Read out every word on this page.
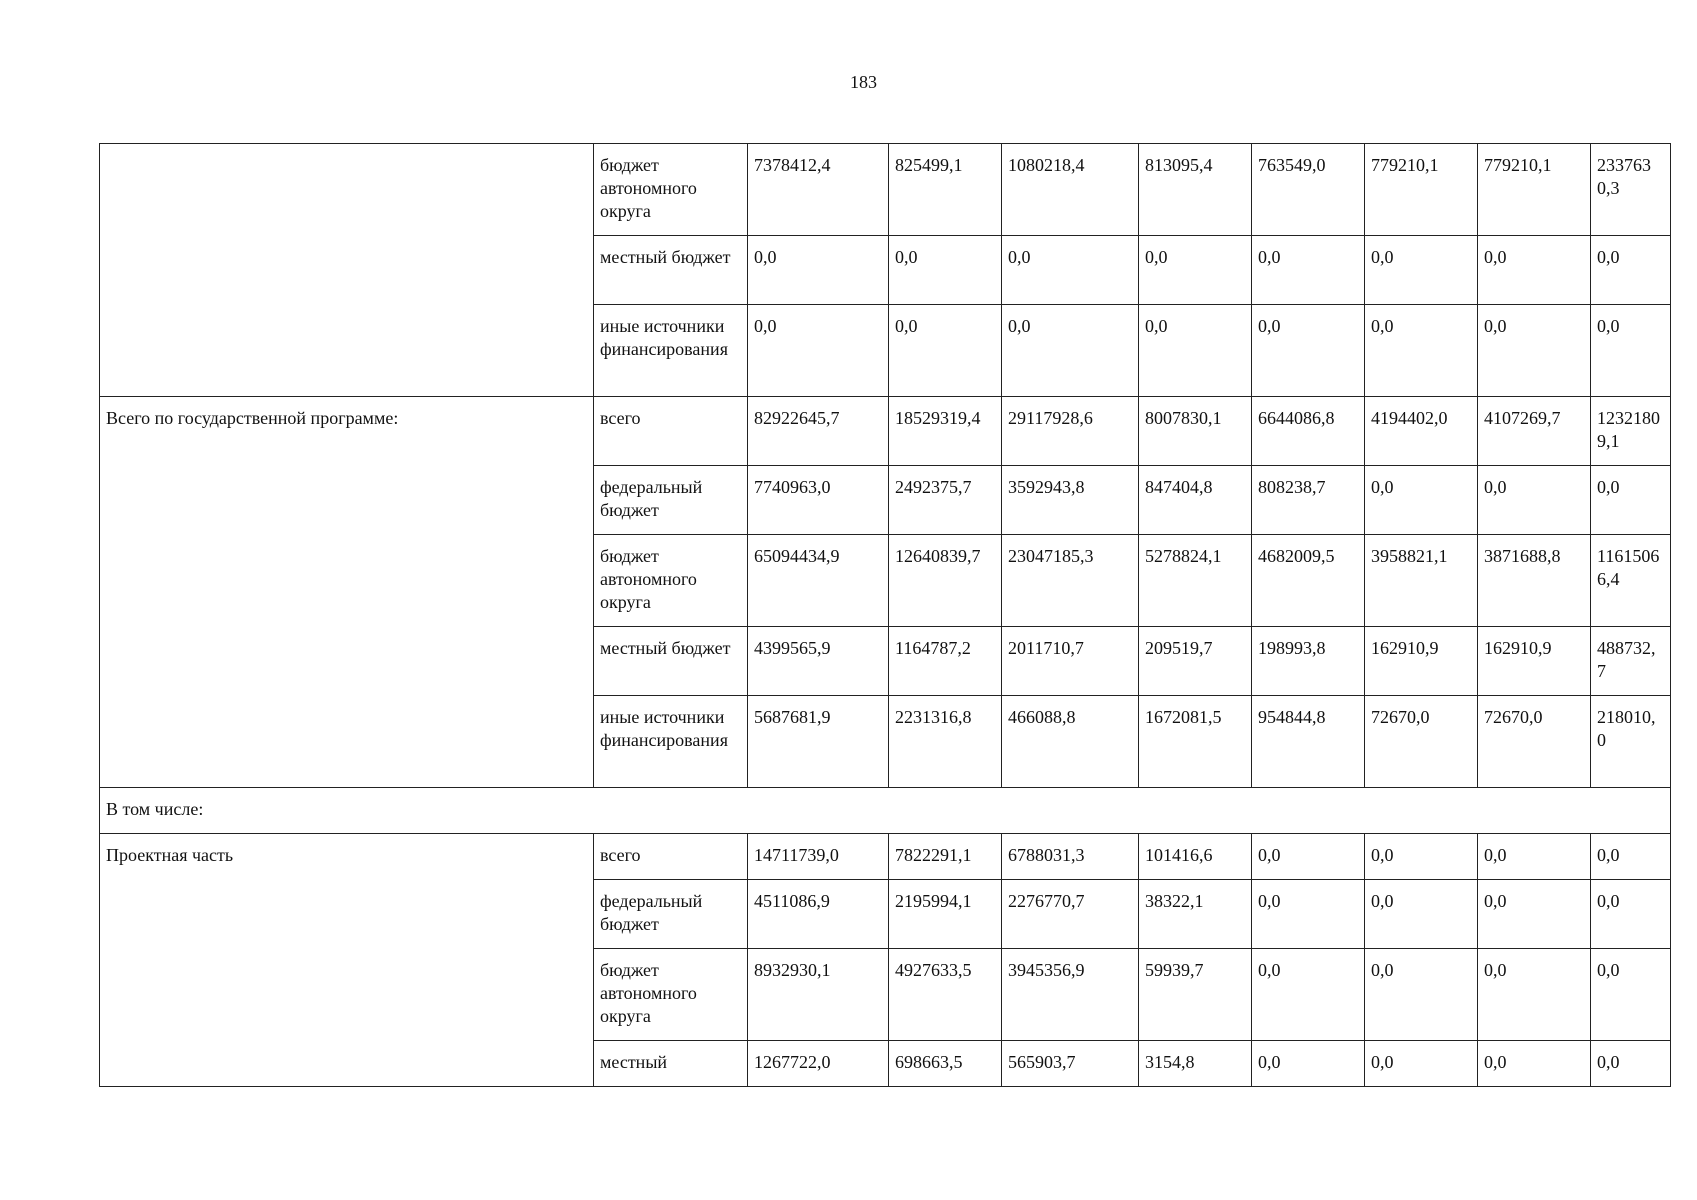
183
	бюджет автономного округа	7378412,4	825499,1	1080218,4	813095,4	763549,0	779210,1	779210,1	2337630,3
	местный бюджет	0,0	0,0	0,0	0,0	0,0	0,0	0,0	0,0
	иные источники финансирования	0,0	0,0	0,0	0,0	0,0	0,0	0,0	0,0
Всего по государственной программе:	всего	82922645,7	18529319,4	29117928,6	8007830,1	6644086,8	4194402,0	4107269,7	12321809,1
	федеральный бюджет	7740963,0	2492375,7	3592943,8	847404,8	808238,7	0,0	0,0	0,0
	бюджет автономного округа	65094434,9	12640839,7	23047185,3	5278824,1	4682009,5	3958821,1	3871688,8	11615066,4
	местный бюджет	4399565,9	1164787,2	2011710,7	209519,7	198993,8	162910,9	162910,9	488732,7
	иные источники финансирования	5687681,9	2231316,8	466088,8	1672081,5	954844,8	72670,0	72670,0	218010,0
В том числе:									
Проектная часть	всего	14711739,0	7822291,1	6788031,3	101416,6	0,0	0,0	0,0	0,0
	федеральный бюджет	4511086,9	2195994,1	2276770,7	38322,1	0,0	0,0	0,0	0,0
	бюджет автономного округа	8932930,1	4927633,5	3945356,9	59939,7	0,0	0,0	0,0	0,0
	местный	1267722,0	698663,5	565903,7	3154,8	0,0	0,0	0,0	0,0
